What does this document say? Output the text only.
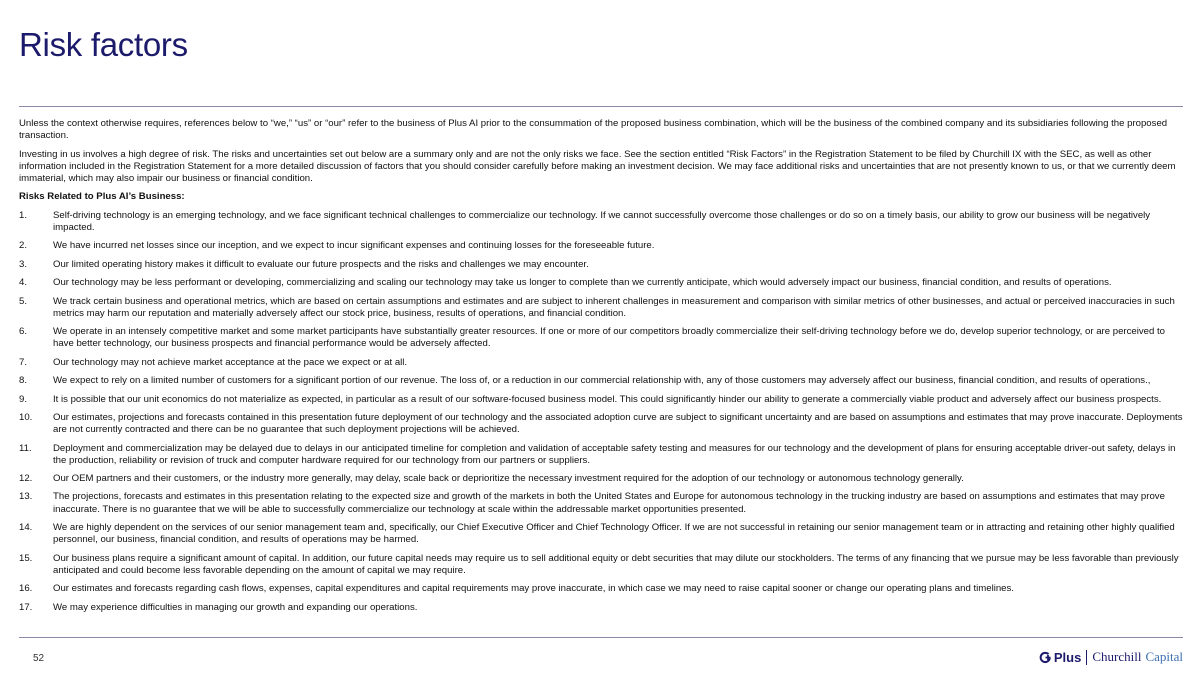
Risk factors

Unless the context otherwise requires, references below to “we,” “us” or “our” refer to the business of Plus AI prior to the consummation of the proposed business combination, which will be the business of the combined company and its subsidiaries following the proposed transaction.

Investing in us involves a high degree of risk. The risks and uncertainties set out below are a summary only and are not the only risks we face. See the section entitled “Risk Factors” in the Registration Statement to be filed by Churchill IX with the SEC, as well as other information included in the Registration Statement for a more detailed discussion of factors that you should consider carefully before making an investment decision. We may face additional risks and uncertainties that are not presently known to us, or that we currently deem immaterial, which may also impair our business or financial condition.

Risks Related to Plus AI’s Business:

1.	Self-driving technology is an emerging technology, and we face significant technical challenges to commercialize our technology. If we cannot successfully overcome those challenges or do so on a timely basis, our ability to grow our business will be negatively impacted.
2.	We have incurred net losses since our inception, and we expect to incur significant expenses and continuing losses for the foreseeable future.
3.	Our limited operating history makes it difficult to evaluate our future prospects and the risks and challenges we may encounter.
4.	Our technology may be less performant or developing, commercializing and scaling our technology may take us longer to complete than we currently anticipate, which would adversely impact our business, financial condition, and results of operations.
5.	We track certain business and operational metrics, which are based on certain assumptions and estimates and are subject to inherent challenges in measurement and comparison with similar metrics of other businesses, and actual or perceived inaccuracies in such metrics may harm our reputation and materially adversely affect our stock price, business, results of operations, and financial condition.
6.	We operate in an intensely competitive market and some market participants have substantially greater resources. If one or more of our competitors broadly commercialize their self-driving technology before we do, develop superior technology, or are perceived to have better technology, our business prospects and financial performance would be adversely affected.
7.	Our technology may not achieve market acceptance at the pace we expect or at all.
8.	We expect to rely on a limited number of customers for a significant portion of our revenue. The loss of, or a reduction in our commercial relationship with, any of those customers may adversely affect our business, financial condition, and results of operations.,
9.	It is possible that our unit economics do not materialize as expected, in particular as a result of our software-focused business model. This could significantly hinder our ability to generate a commercially viable product and adversely affect our business prospects.
10.	Our estimates, projections and forecasts contained in this presentation future deployment of our technology and the associated adoption curve are subject to significant uncertainty and are based on assumptions and estimates that may prove inaccurate. Deployments are not currently contracted and there can be no guarantee that such deployment projections will be achieved.
11.	Deployment and commercialization may be delayed due to delays in our anticipated timeline for completion and validation of acceptable safety testing and measures for our technology and the development of plans for ensuring acceptable driver-out safety, delays in the production, reliability or revision of truck and computer hardware required for our technology from our partners or suppliers.
12.	Our OEM partners and their customers, or the industry more generally, may delay, scale back or deprioritize the necessary investment required for the adoption of our technology or autonomous technology generally.
13.	The projections, forecasts and estimates in this presentation relating to the expected size and growth of the markets in both the United States and Europe for autonomous technology in the trucking industry are based on assumptions and estimates that may prove inaccurate. There is no guarantee that we will be able to successfully commercialize our technology at scale within the addressable market opportunities presented.
14.	We are highly dependent on the services of our senior management team and, specifically, our Chief Executive Officer and Chief Technology Officer. If we are not successful in retaining our senior management team or in attracting and retaining other highly qualified personnel, our business, financial condition, and results of operations may be harmed.
15.	Our business plans require a significant amount of capital. In addition, our future capital needs may require us to sell additional equity or debt securities that may dilute our stockholders. The terms of any financing that we pursue may be less favorable than previously anticipated and could become less favorable depending on the amount of capital we may require.
16.	Our estimates and forecasts regarding cash flows, expenses, capital expenditures and capital requirements may prove inaccurate, in which case we may need to raise capital sooner or change our operating plans and timelines.
17.	We may experience difficulties in managing our growth and expanding our operations.
52	Plus Churchill Capital
